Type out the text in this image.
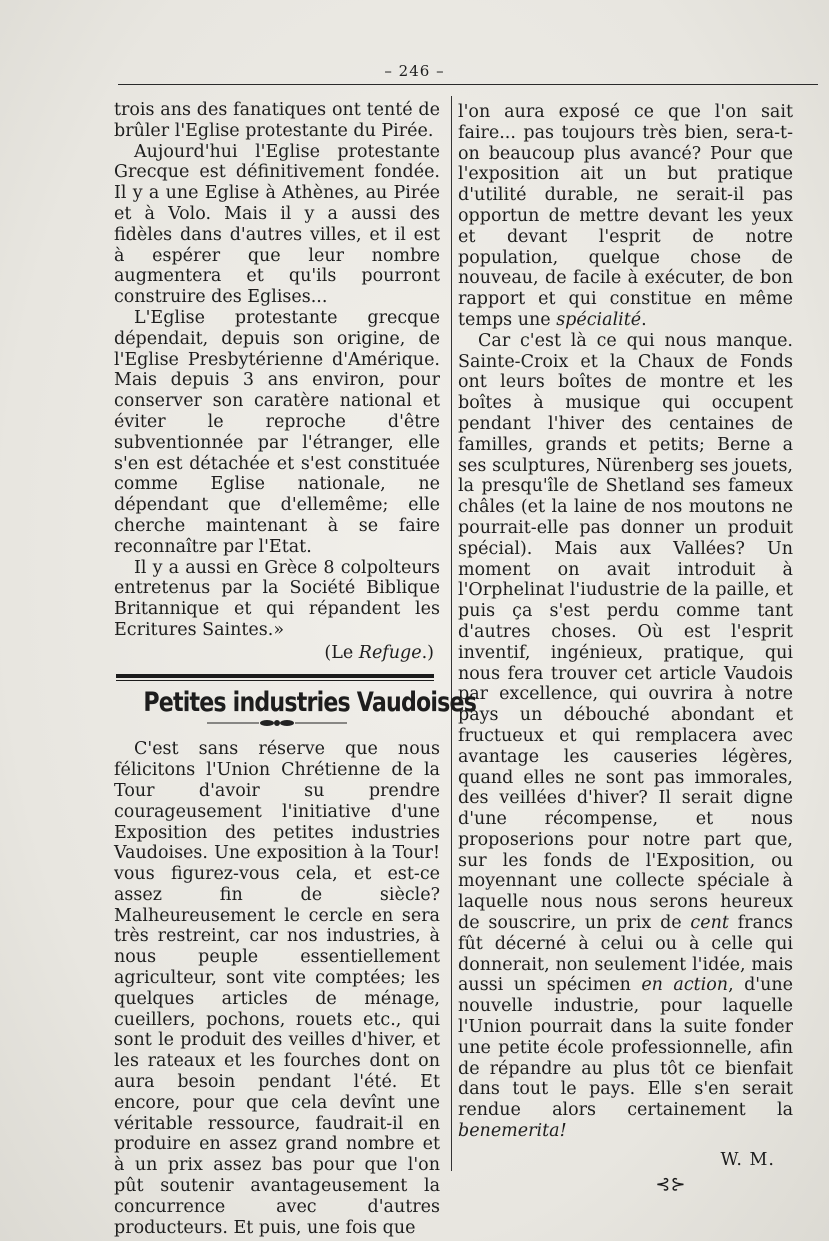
– 246 –

trois ans des fanatiques ont tenté de brûler l'Eglise protestante du Pirée.

Aujourd'hui l'Eglise protestante Grecque est définitivement fondée. Il y a une Eglise à Athènes, au Pirée et à Volo. Mais il y a aussi des fidèles dans d'autres villes, et il est à espérer que leur nombre augmentera et qu'ils pourront construire des Eglises...

L'Eglise protestante grecque dépendait, depuis son origine, de l'Eglise Presbytérienne d'Amérique. Mais depuis 3 ans environ, pour conserver son caratère national et éviter le reproche d'être subventionnée par l'étranger, elle s'en est détachée et s'est constituée comme Eglise nationale, ne dépendant que d'ellemême; elle cherche maintenant à se faire reconnaître par l'Etat.

Il y a aussi en Grèce 8 colpolteurs entretenus par la Société Biblique Britannique et qui répandent les Ecritures Saintes.»

(Le Refuge.)

Petites industries Vaudoises

C'est sans réserve que nous félicitons l'Union Chrétienne de la Tour d'avoir su prendre courageusement l'initiative d'une Exposition des petites industries Vaudoises. Une exposition à la Tour! vous figurez-vous cela, et est-ce assez fin de siècle? Malheureusement le cercle en sera très restreint, car nos industries, à nous peuple essentiellement agriculteur, sont vite comptées; les quelques articles de ménage, cueillers, pochons, rouets etc., qui sont le produit des veilles d'hiver, et les rateaux et les fourches dont on aura besoin pendant l'été. Et encore, pour que cela devînt une véritable ressource, faudrait-il en produire en assez grand nombre et à un prix assez bas pour que l'on pût soutenir avantageusement la concurrence avec d'autres producteurs. Et puis, une fois que

l'on aura exposé ce que l'on sait faire... pas toujours très bien, sera-t-on beaucoup plus avancé? Pour que l'exposition ait un but pratique d'utilité durable, ne serait-il pas opportun de mettre devant les yeux et devant l'esprit de notre population, quelque chose de nouveau, de facile à exécuter, de bon rapport et qui constitue en même temps une spécialité.

Car c'est là ce qui nous manque. Sainte-Croix et la Chaux de Fonds ont leurs boîtes de montre et les boîtes à musique qui occupent pendant l'hiver des centaines de familles, grands et petits; Berne a ses sculptures, Nürenberg ses jouets, la presqu'île de Shetland ses fameux châles (et la laine de nos moutons ne pourrait-elle pas donner un produit spécial). Mais aux Vallées? Un moment on avait introduit à l'Orphelinat l'iudustrie de la paille, et puis ça s'est perdu comme tant d'autres choses. Où est l'esprit inventif, ingénieux, pratique, qui nous fera trouver cet article Vaudois par excellence, qui ouvrira à notre pays un débouché abondant et fructueux et qui remplacera avec avantage les causeries légères, quand elles ne sont pas immorales, des veillées d'hiver? Il serait digne d'une récompense, et nous proposerions pour notre part que, sur les fonds de l'Exposition, ou moyennant une collecte spéciale à laquelle nous nous serons heureux de souscrire, un prix de cent francs fût décerné à celui ou à celle qui donnerait, non seulement l'idée, mais aussi un spécimen en action, d'une nouvelle industrie, pour laquelle l'Union pourrait dans la suite fonder une petite école professionnelle, afin de répandre au plus tôt ce bienfait dans tout le pays. Elle s'en serait rendue alors certainement la benemerita!

W. M.

⊰⊱
